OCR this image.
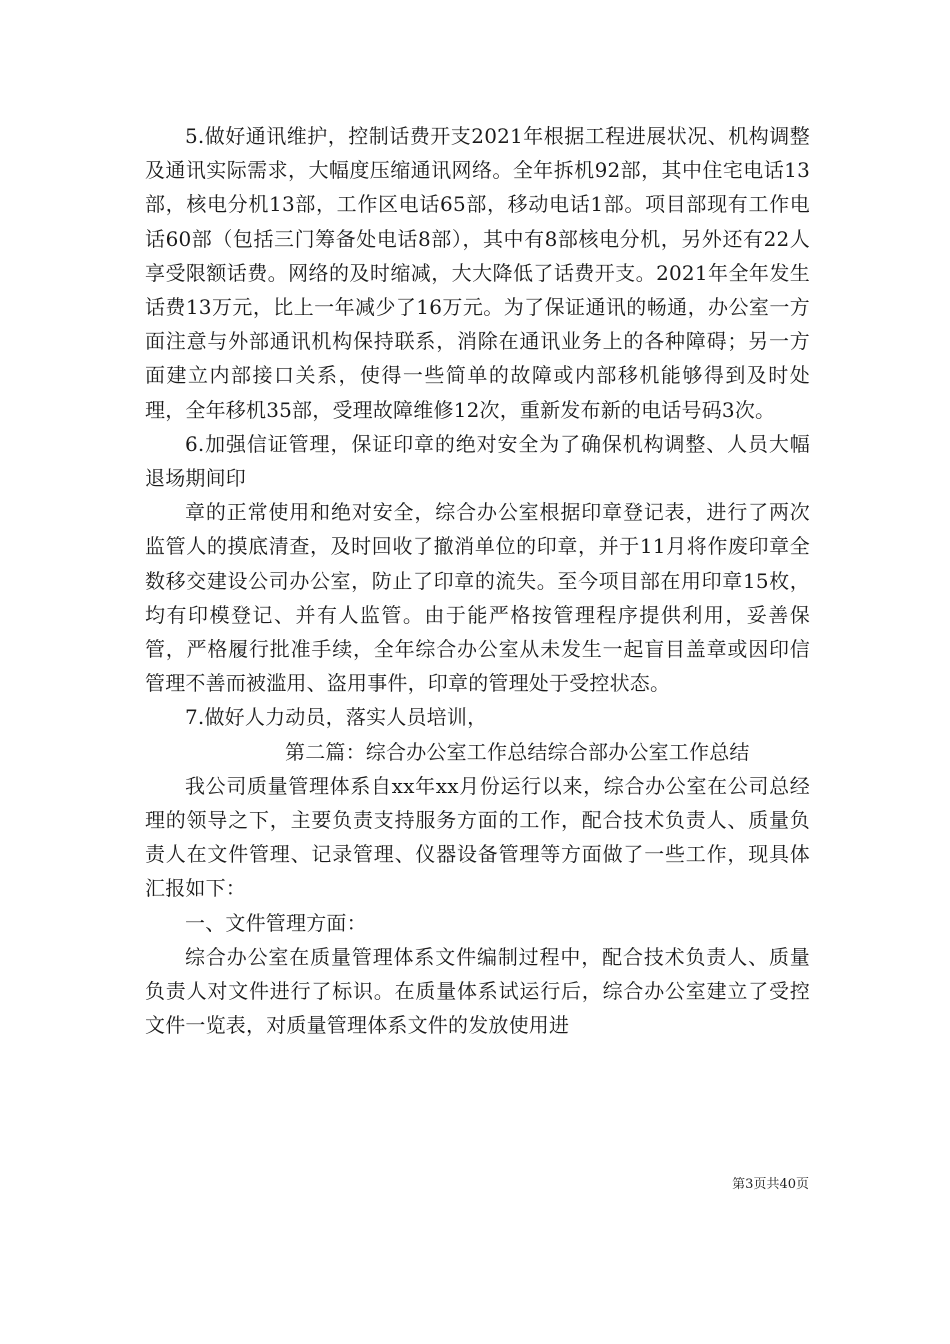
5.做好通讯维护，控制话费开支2021年根据工程进展状况、机构调整及通讯实际需求，大幅度压缩通讯网络。全年拆机92部，其中住宅电话13部，核电分机13部，工作区电话65部，移动电话1部。项目部现有工作电话60部（包括三门筹备处电话8部），其中有8部核电分机，另外还有22人享受限额话费。网络的及时缩减，大大降低了话费开支。2021年全年发生话费13万元，比上一年减少了16万元。为了保证通讯的畅通，办公室一方面注意与外部通讯机构保持联系，消除在通讯业务上的各种障碍；另一方面建立内部接口关系，使得一些简单的故障或内部移机能够得到及时处理，全年移机35部，受理故障维修12次，重新发布新的电话号码3次。

6.加强信证管理，保证印章的绝对安全为了确保机构调整、人员大幅退场期间印

章的正常使用和绝对安全，综合办公室根据印章登记表，进行了两次监管人的摸底清查，及时回收了撤消单位的印章，并于11月将作废印章全数移交建设公司办公室，防止了印章的流失。至今项目部在用印章15枚，均有印模登记、并有人监管。由于能严格按管理程序提供利用，妥善保管，严格履行批准手续，全年综合办公室从未发生一起盲目盖章或因印信管理不善而被滥用、盗用事件，印章的管理处于受控状态。

7.做好人力动员，落实人员培训，

第二篇：综合办公室工作总结综合部办公室工作总结

我公司质量管理体系自xx年xx月份运行以来，综合办公室在公司总经理的领导之下，主要负责支持服务方面的工作，配合技术负责人、质量负责人在文件管理、记录管理、仪器设备管理等方面做了一些工作，现具体汇报如下：

一、文件管理方面：

综合办公室在质量管理体系文件编制过程中，配合技术负责人、质量负责人对文件进行了标识。在质量体系试运行后，综合办公室建立了受控文件一览表，对质量管理体系文件的发放使用进

第3页共40页
